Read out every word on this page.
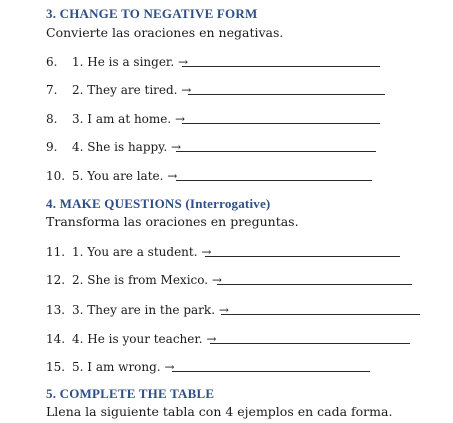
3. CHANGE TO NEGATIVE FORM
Convierte las oraciones en negativas.
6.	1. He is a singer. →
7.	2. They are tired. →
8.	3. I am at home. →
9.	4. She is happy. →
10. 5. You are late. →
4. MAKE QUESTIONS (Interrogative)
Transforma las oraciones en preguntas.
11. 1. You are a student. →
12. 2. She is from Mexico. →
13. 3. They are in the park. →
14. 4. He is your teacher. →
15. 5. I am wrong. →
5. COMPLETE THE TABLE
Llena la siguiente tabla con 4 ejemplos en cada forma.
